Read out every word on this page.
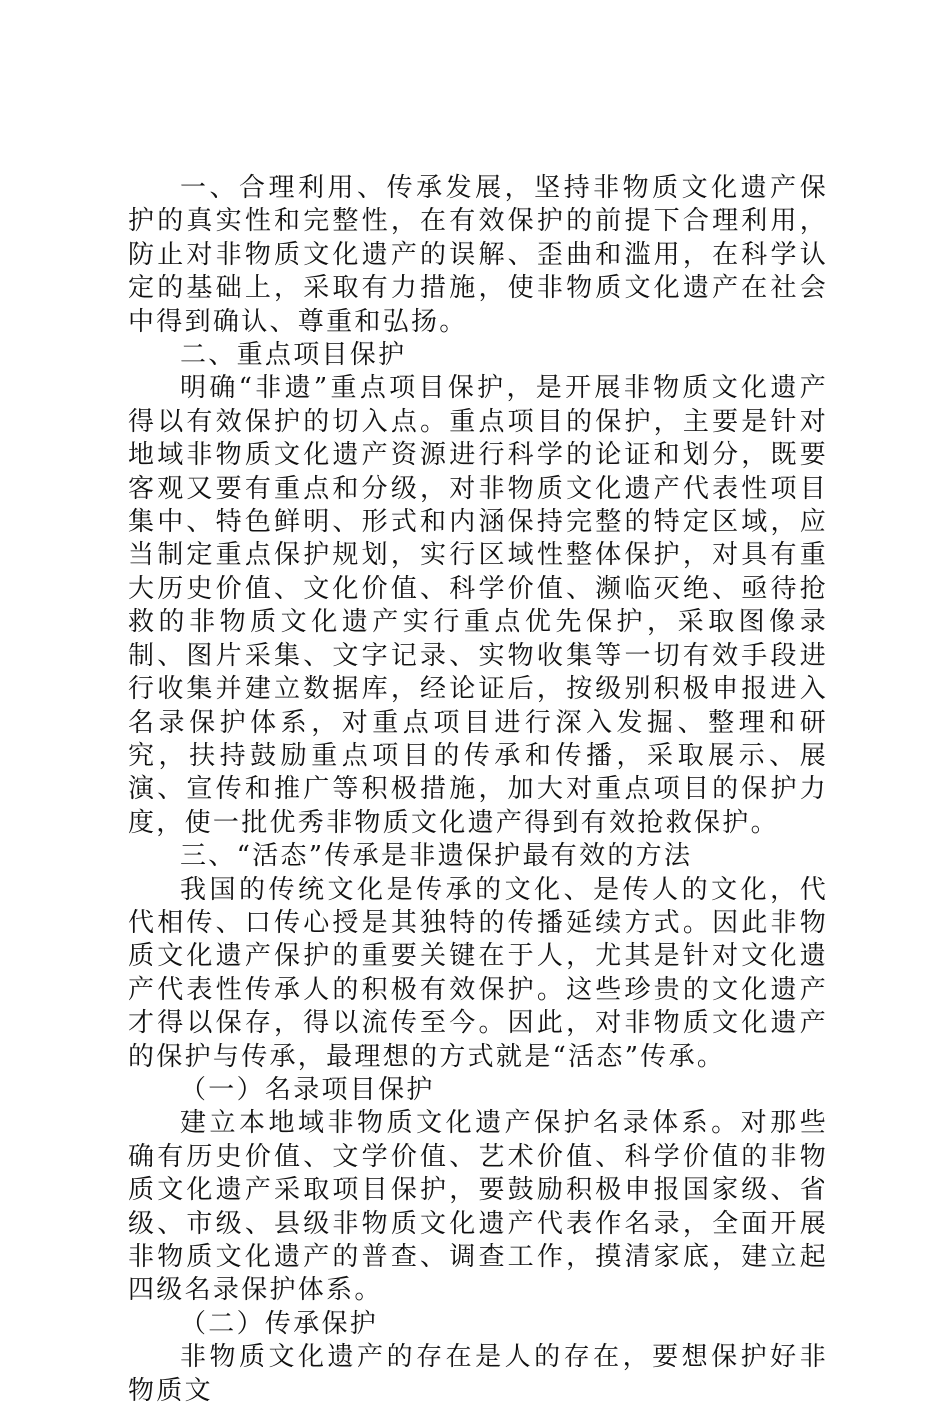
一、合理利用、传承发展，坚持非物质文化遗产保护的真实性和完整性，在有效保护的前提下合理利用，防止对非物质文化遗产的误解、歪曲和滥用，在科学认定的基础上，采取有力措施，使非物质文化遗产在社会中得到确认、尊重和弘扬。

二、重点项目保护

明确“非遗”重点项目保护，是开展非物质文化遗产得以有效保护的切入点。重点项目的保护，主要是针对地域非物质文化遗产资源进行科学的论证和划分，既要客观又要有重点和分级，对非物质文化遗产代表性项目集中、特色鲜明、形式和内涵保持完整的特定区域，应当制定重点保护规划，实行区域性整体保护，对具有重大历史价值、文化价值、科学价值、濒临灭绝、亟待抢救的非物质文化遗产实行重点优先保护，采取图像录制、图片采集、文字记录、实物收集等一切有效手段进行收集并建立数据库，经论证后，按级别积极申报进入名录保护体系，对重点项目进行深入发掘、整理和研究，扶持鼓励重点项目的传承和传播，采取展示、展演、宣传和推广等积极措施，加大对重点项目的保护力度，使一批优秀非物质文化遗产得到有效抢救保护。

三、“活态”传承是非遗保护最有效的方法

我国的传统文化是传承的文化、是传人的文化，代代相传、口传心授是其独特的传播延续方式。因此非物质文化遗产保护的重要关键在于人，尤其是针对文化遗产代表性传承人的积极有效保护。这些珍贵的文化遗产才得以保存，得以流传至今。因此，对非物质文化遗产的保护与传承，最理想的方式就是“活态”传承。

（一）名录项目保护

建立本地域非物质文化遗产保护名录体系。对那些确有历史价值、文学价值、艺术价值、科学价值的非物质文化遗产采取项目保护，要鼓励积极申报国家级、省级、市级、县级非物质文化遗产代表作名录，全面开展非物质文化遗产的普查、调查工作，摸清家底，建立起四级名录保护体系。

（二）传承保护

非物质文化遗产的存在是人的存在，要想保护好非物质文
